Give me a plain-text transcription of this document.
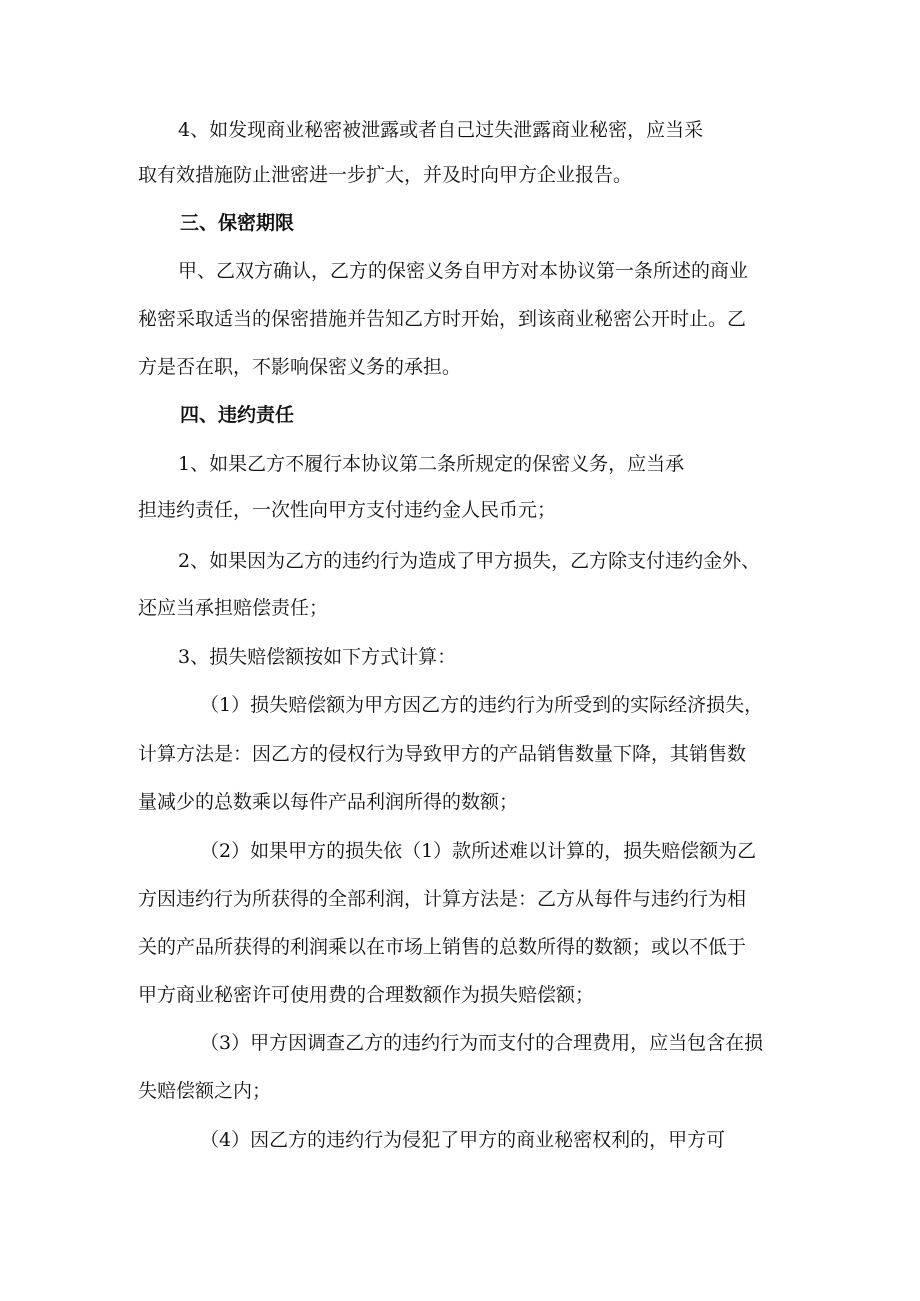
4、如发现商业秘密被泄露或者自己过失泄露商业秘密，应当采
取有效措施防止泄密进一步扩大，并及时向甲方企业报告。
三、保密期限
甲、乙双方确认，乙方的保密义务自甲方对本协议第一条所述的商业
秘密采取适当的保密措施并告知乙方时开始，到该商业秘密公开时止。乙
方是否在职，不影响保密义务的承担。
四、违约责任
1、如果乙方不履行本协议第二条所规定的保密义务，应当承
担违约责任，一次性向甲方支付违约金人民币元；
2、如果因为乙方的违约行为造成了甲方损失，乙方除支付违约金外、
还应当承担赔偿责任；
3、损失赔偿额按如下方式计算：
（1）损失赔偿额为甲方因乙方的违约行为所受到的实际经济损失，
计算方法是：因乙方的侵权行为导致甲方的产品销售数量下降，其销售数
量减少的总数乘以每件产品利润所得的数额；
（2）如果甲方的损失依（1）款所述难以计算的，损失赔偿额为乙
方因违约行为所获得的全部利润，计算方法是：乙方从每件与违约行为相
关的产品所获得的利润乘以在市场上销售的总数所得的数额；或以不低于
甲方商业秘密许可使用费的合理数额作为损失赔偿额；
（3）甲方因调查乙方的违约行为而支付的合理费用，应当包含在损
失赔偿额之内；
（4）因乙方的违约行为侵犯了甲方的商业秘密权利的，甲方可
